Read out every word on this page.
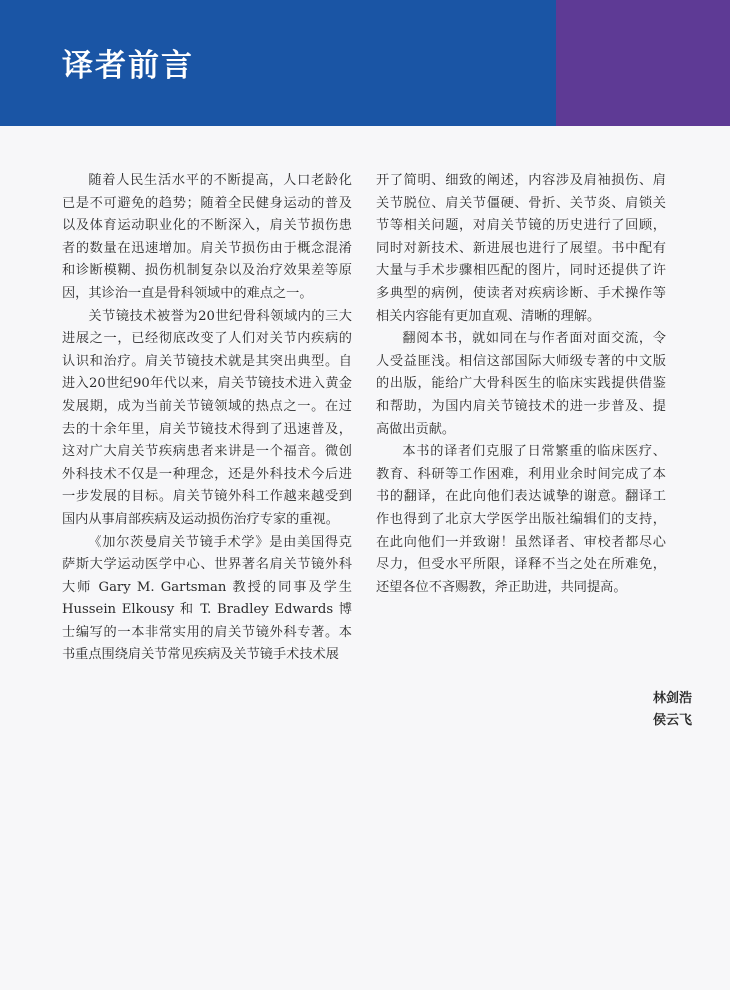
译者前言

随着人民生活水平的不断提高，人口老龄化已是不可避免的趋势；随着全民健身运动的普及以及体育运动职业化的不断深入，肩关节损伤患者的数量在迅速增加。肩关节损伤由于概念混淆和诊断模糊、损伤机制复杂以及治疗效果差等原因，其诊治一直是骨科领域中的难点之一。

关节镜技术被誉为20世纪骨科领域内的三大进展之一，已经彻底改变了人们对关节内疾病的认识和治疗。肩关节镜技术就是其突出典型。自进入20世纪90年代以来，肩关节镜技术进入黄金发展期，成为当前关节镜领域的热点之一。在过去的十余年里，肩关节镜技术得到了迅速普及，这对广大肩关节疾病患者来讲是一个福音。微创外科技术不仅是一种理念，还是外科技术今后进一步发展的目标。肩关节镜外科工作越来越受到国内从事肩部疾病及运动损伤治疗专家的重视。

《加尔茨曼肩关节镜手术学》是由美国得克萨斯大学运动医学中心、世界著名肩关节镜外科大师 Gary M. Gartsman 教授的同事及学生 Hussein Elkousy 和 T. Bradley Edwards 博士编写的一本非常实用的肩关节镜外科专著。本书重点围绕肩关节常见疾病及关节镜手术技术展

开了简明、细致的阐述，内容涉及肩袖损伤、肩关节脱位、肩关节僵硬、骨折、关节炎、肩锁关节等相关问题，对肩关节镜的历史进行了回顾，同时对新技术、新进展也进行了展望。书中配有大量与手术步骤相匹配的图片，同时还提供了许多典型的病例，使读者对疾病诊断、手术操作等相关内容能有更加直观、清晰的理解。

翻阅本书，就如同在与作者面对面交流，令人受益匪浅。相信这部国际大师级专著的中文版的出版，能给广大骨科医生的临床实践提供借鉴和帮助，为国内肩关节镜技术的进一步普及、提高做出贡献。

本书的译者们克服了日常繁重的临床医疗、教育、科研等工作困难，利用业余时间完成了本书的翻译，在此向他们表达诚挚的谢意。翻译工作也得到了北京大学医学出版社编辑们的支持，在此向他们一并致谢！虽然译者、审校者都尽心尽力，但受水平所限，译释不当之处在所难免，还望各位不吝赐教，斧正助进，共同提高。

林剑浩
侯云飞
